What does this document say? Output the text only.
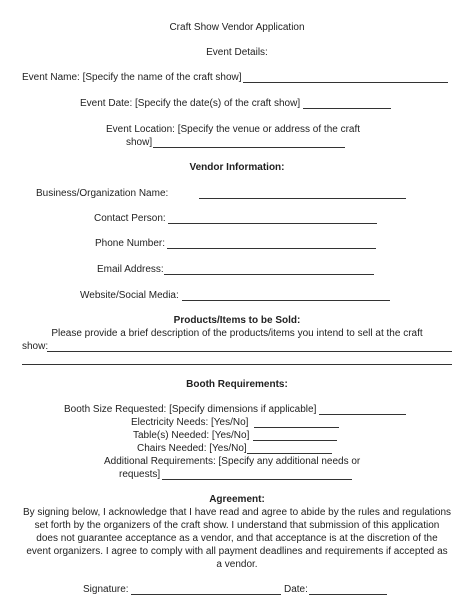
Craft Show Vendor Application
Event Details:
Event Name: [Specify the name of the craft show]
Event Date: [Specify the date(s) of the craft show]
Event Location: [Specify the venue or address of the craft
show]
Vendor Information:
Business/Organization Name:
Contact Person:
Phone Number:
Email Address:
Website/Social Media:
Products/Items to be Sold:
Please provide a brief description of the products/items you intend to sell at the craft
show:
Booth Requirements:
Booth Size Requested: [Specify dimensions if applicable]
Electricity Needs: [Yes/No]
Table(s) Needed: [Yes/No]
Chairs Needed: [Yes/No]
Additional Requirements: [Specify any additional needs or
requests]
Agreement:
By signing below, I acknowledge that I have read and agree to abide by the rules and regulations
set forth by the organizers of the craft show. I understand that submission of this application
does not guarantee acceptance as a vendor, and that acceptance is at the discretion of the
event organizers. I agree to comply with all payment deadlines and requirements if accepted as
a vendor.
Signature:	Date:
